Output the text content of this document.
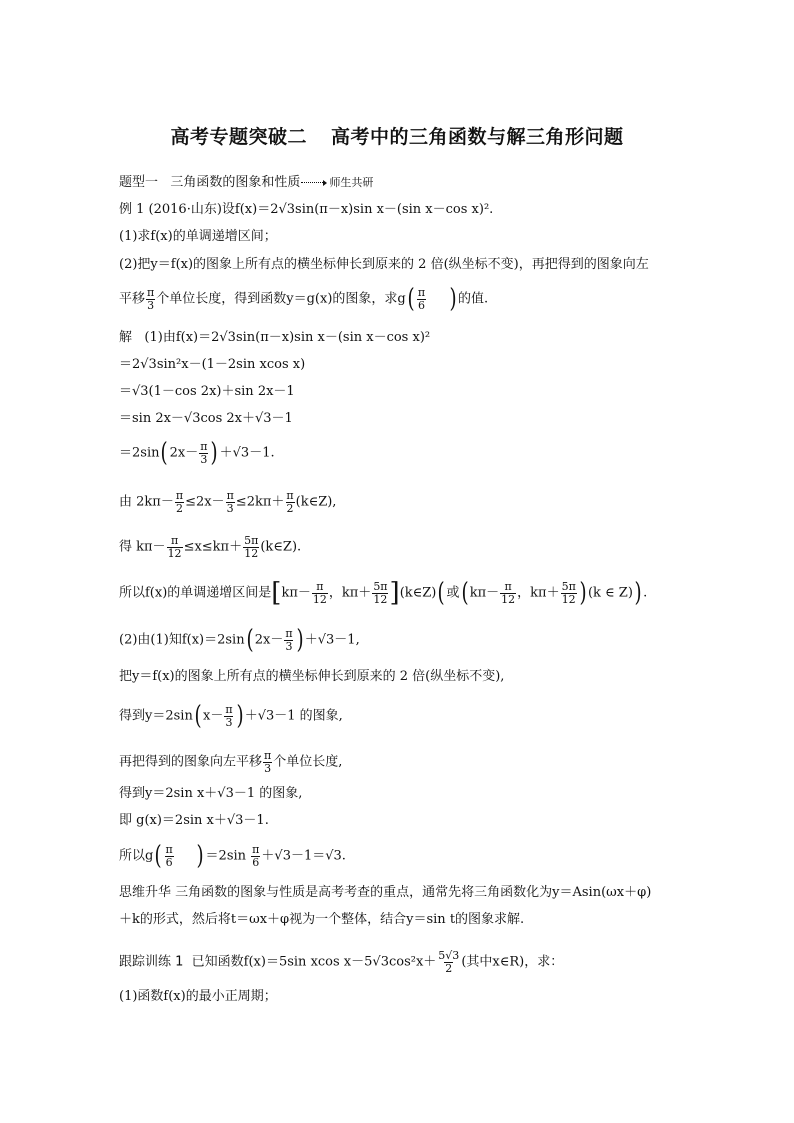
高考专题突破二 高考中的三角函数与解三角形问题
题型一 三角函数的图象和性质	师生共研
例 1 (2016·山东)设f(x)＝2√3sin(π－x)sin x－(sin x－cos x)².
(1)求f(x)的单调递增区间；
(2)把y＝f(x)的图象上所有点的横坐标伸长到原来的 2 倍(纵坐标不变)，再把得到的图象向左
平移 $\frac{\pi}{3}$ 个单位长度，得到函数y＝g(x)的图象，求$g( \frac{\pi}{6}$ ) 的值.
解 (1)由f(x)＝2√3sin(π－x)sin x－(sin x－cos x)²
＝2√3sin²x－(1－2sin xcos x)
＝√3(1－cos 2x)＋sin 2x－1
＝sin 2x－√3cos 2x＋√3－1
＝2sin( $2x- \frac{\pi}{3}$ ) ＋√3－1.
由 $2k\pi- \frac{\pi}{2} \le 2x- \frac{\pi}{3} \le 2k\pi+ \frac{\pi}{2}$ (k∈Z),
得 $k\pi- \frac{\pi}{12} \le x\le k\pi+ \frac{5\pi}{12}$ (k∈Z).
所以f(x)的单调递增区间是[$k\pi- \frac{\pi}{12}$ ，$k\pi+ \frac{5\pi}{12}$ ](k∈Z)( 或( $k\pi- \frac{\pi}{12}$ ，$k\pi+ \frac{5\pi}{12}$ ) (k ∈ Z)) .
(2)由(1)知f(x)＝2sin( $2x- \frac{\pi}{3}$ ) ＋√3－1,
把y＝f(x)的图象上所有点的横坐标伸长到原来的 2 倍(纵坐标不变),
得到y＝2sin( $x- \frac{\pi}{3}$ ) ＋√3－1 的图象,
再把得到的图象向左平移 $\frac{\pi}{3}$ 个单位长度,
得到y＝2sin x＋√3－1 的图象,
即 g(x)＝2sin x＋√3－1.
所以$g( \frac{\pi}{6}$ ) $=2\sin \frac{\pi}{6} +√3-1=√3$.
思维升华 三角函数的图象与性质是高考考查的重点，通常先将三角函数化为y＝Asin(ωx＋φ)
＋k的形式，然后将t＝ωx＋φ视为一个整体，结合y＝sin t的图象求解.
跟踪训练 1 已知函数f(x)＝5sin xcos $x-5√3\cos^2x+ \frac{5√3}{2}$ (其中x∈R)，求：
(1)函数f(x)的最小正周期；
